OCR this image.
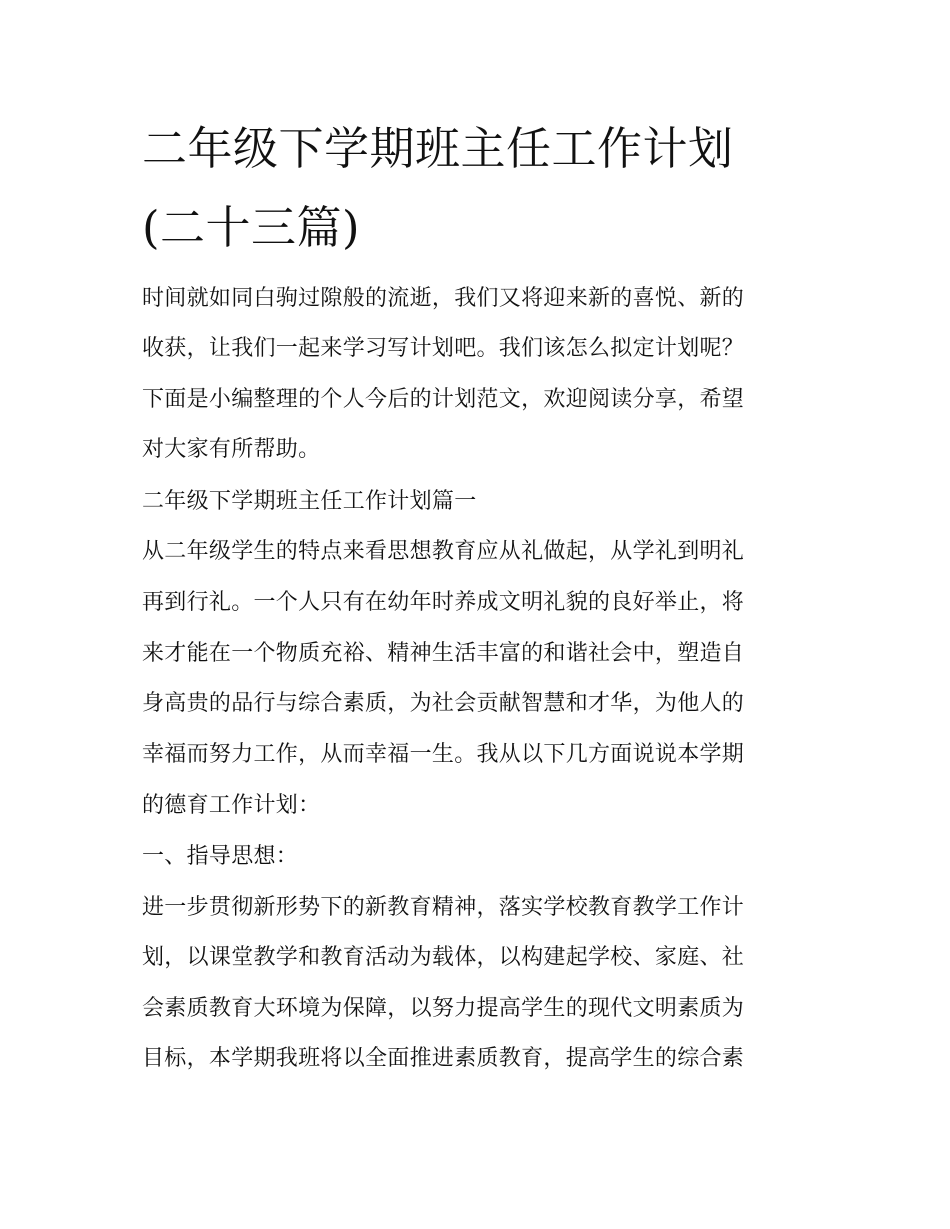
二年级下学期班主任工作计划
(二十三篇)

时间就如同白驹过隙般的流逝，我们又将迎来新的喜悦、新的

收获，让我们一起来学习写计划吧。我们该怎么拟定计划呢？

下面是小编整理的个人今后的计划范文，欢迎阅读分享，希望

对大家有所帮助。

二年级下学期班主任工作计划篇一

从二年级学生的特点来看思想教育应从礼做起，从学礼到明礼

再到行礼。一个人只有在幼年时养成文明礼貌的良好举止，将

来才能在一个物质充裕、精神生活丰富的和谐社会中，塑造自

身高贵的品行与综合素质，为社会贡献智慧和才华，为他人的

幸福而努力工作，从而幸福一生。我从以下几方面说说本学期

的德育工作计划：

一、指导思想：

进一步贯彻新形势下的新教育精神，落实学校教育教学工作计

划，以课堂教学和教育活动为载体，以构建起学校、家庭、社

会素质教育大环境为保障，以努力提高学生的现代文明素质为

目标，本学期我班将以全面推进素质教育，提高学生的综合素
